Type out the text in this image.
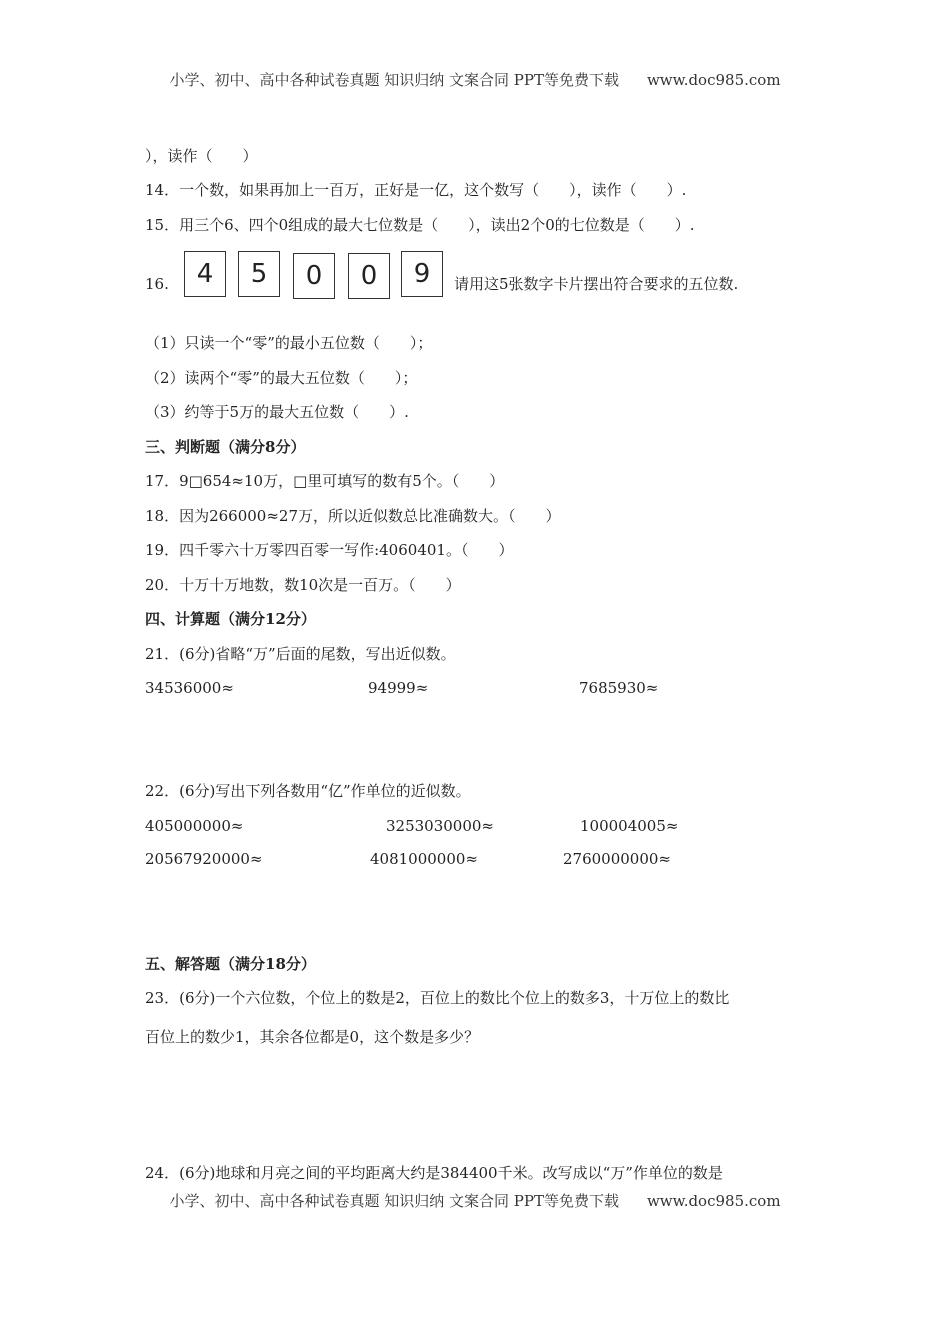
小学、初中、高中各种试卷真题 知识归纳 文案合同 PPT等免费下载 www.doc985.com
），读作（　　）
14．一个数，如果再加上一百万，正好是一亿，这个数写（　　），读作（　　）.
15．用三个6、四个0组成的最大七位数是（　　），读出2个0的七位数是（　　）.
16.	4	5	0	0	9	请用这5张数字卡片摆出符合要求的五位数.
（1）只读一个“零”的最小五位数（　　）；
（2）读两个“零”的最大五位数（　　）；
（3）约等于5万的最大五位数（　　）.
三、判断题（满分8分）
17．9□654≈10万，□里可填写的数有5个。（　　）
18．因为266000≈27万，所以近似数总比准确数大。（　　）
19．四千零六十万零四百零一写作:4060401。（　　）
20．十万十万地数，数10次是一百万。（　　）
四、计算题（满分12分）
21．(6分)省略“万”后面的尾数，写出近似数。
34536000≈	94999≈	7685930≈
22．(6分)写出下列各数用“亿”作单位的近似数。
405000000≈	3253030000≈	100004005≈
20567920000≈	4081000000≈	2760000000≈
五、解答题（满分18分）
23．(6分)一个六位数，个位上的数是2，百位上的数比个位上的数多3，十万位上的数比
百位上的数少1，其余各位都是0，这个数是多少？
24．(6分)地球和月亮之间的平均距离大约是384400千米。改写成以“万”作单位的数是
小学、初中、高中各种试卷真题 知识归纳 文案合同 PPT等免费下载 www.doc985.com
